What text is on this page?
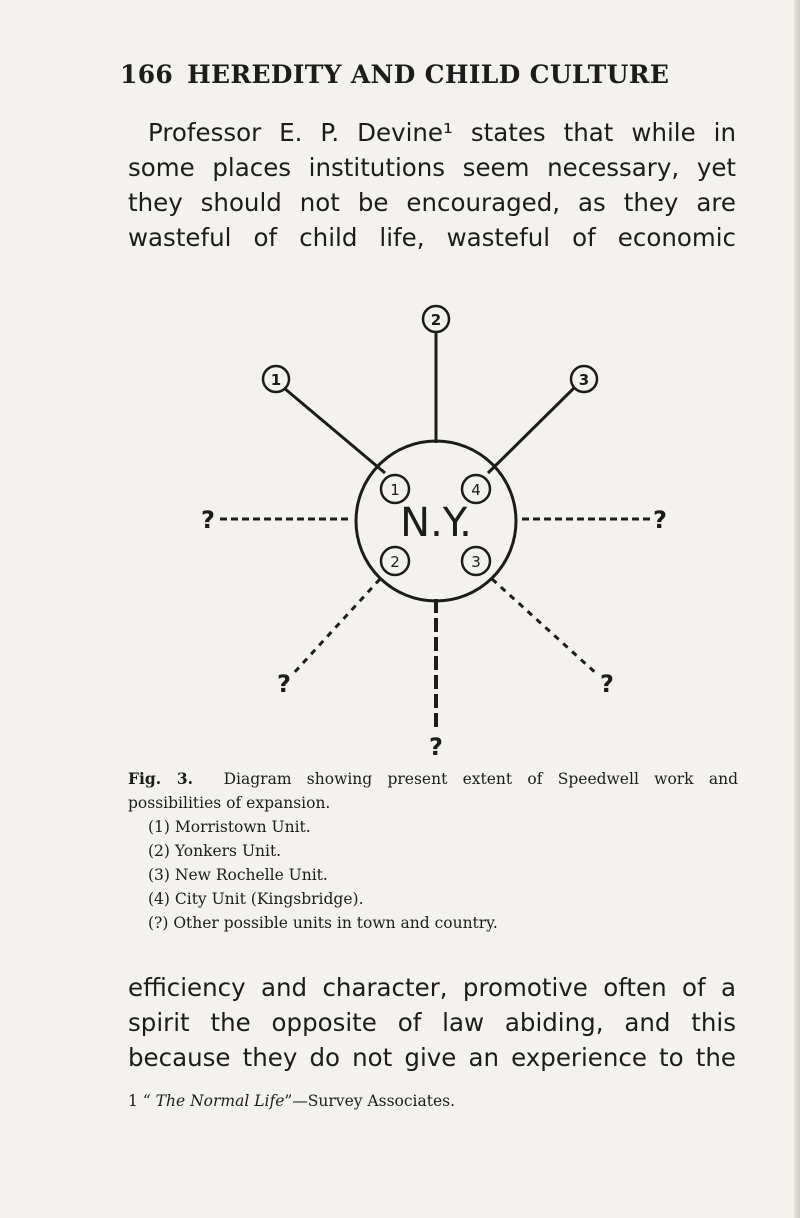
166 HEREDITY AND CHILD CULTURE
Professor E. P. Devine¹ states that while in
some places institutions seem necessary, yet
they should not be encouraged, as they are
wasteful of child life, wasteful of economic
N.Y.
1	4
2	3
1
2
3
?	?
?	?
?
Fig. 3. Diagram showing present extent of Speedwell work and
possibilities of expansion.
(1) Morristown Unit.
(2) Yonkers Unit.
(3) New Rochelle Unit.
(4) City Unit (Kingsbridge).
(?) Other possible units in town and country.
efficiency and character, promotive often of a
spirit the opposite of law abiding, and this
because they do not give an experience to the
1 “ The Normal Life”—Survey Associates.
